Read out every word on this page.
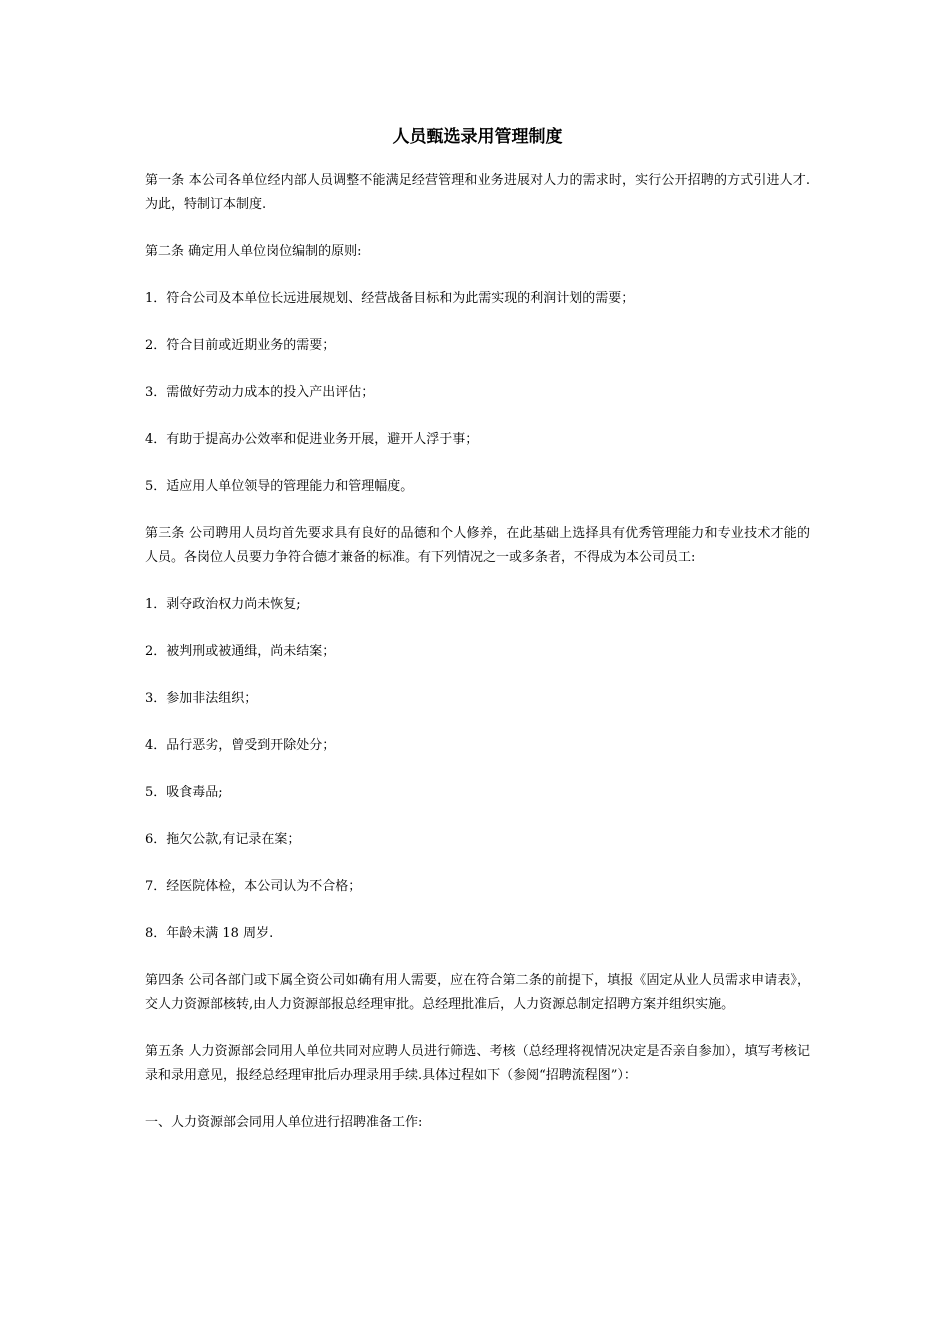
人员甄选录用管理制度

第一条 本公司各单位经内部人员调整不能满足经营管理和业务进展对人力的需求时，实行公开招聘的方式引进人才.为此，特制订本制度.

第二条 确定用人单位岗位编制的原则:

1．符合公司及本单位长远进展规划、经营战备目标和为此需实现的利润计划的需要；

2．符合目前或近期业务的需要；

3．需做好劳动力成本的投入产出评估；

4．有助于提高办公效率和促进业务开展，避开人浮于事；

5．适应用人单位领导的管理能力和管理幅度。

第三条 公司聘用人员均首先要求具有良好的品德和个人修养，在此基础上选择具有优秀管理能力和专业技术才能的人员。各岗位人员要力争符合德才兼备的标准。有下列情况之一或多条者，不得成为本公司员工:

1．剥夺政治权力尚未恢复;

2．被判刑或被通缉，尚未结案；

3．参加非法组织；

4．品行恶劣，曾受到开除处分；

5．吸食毒品;

6．拖欠公款,有记录在案；

7．经医院体检，本公司认为不合格；

8．年龄未满 18 周岁.

第四条 公司各部门或下属全资公司如确有用人需要，应在符合第二条的前提下，填报《固定从业人员需求申请表》，交人力资源部核转,由人力资源部报总经理审批。总经理批准后，人力资源总制定招聘方案并组织实施。

第五条 人力资源部会同用人单位共同对应聘人员进行筛选、考核（总经理将视情况决定是否亲自参加），填写考核记录和录用意见，报经总经理审批后办理录用手续.具体过程如下（参阅“招聘流程图”）：

一、人力资源部会同用人单位进行招聘准备工作:
